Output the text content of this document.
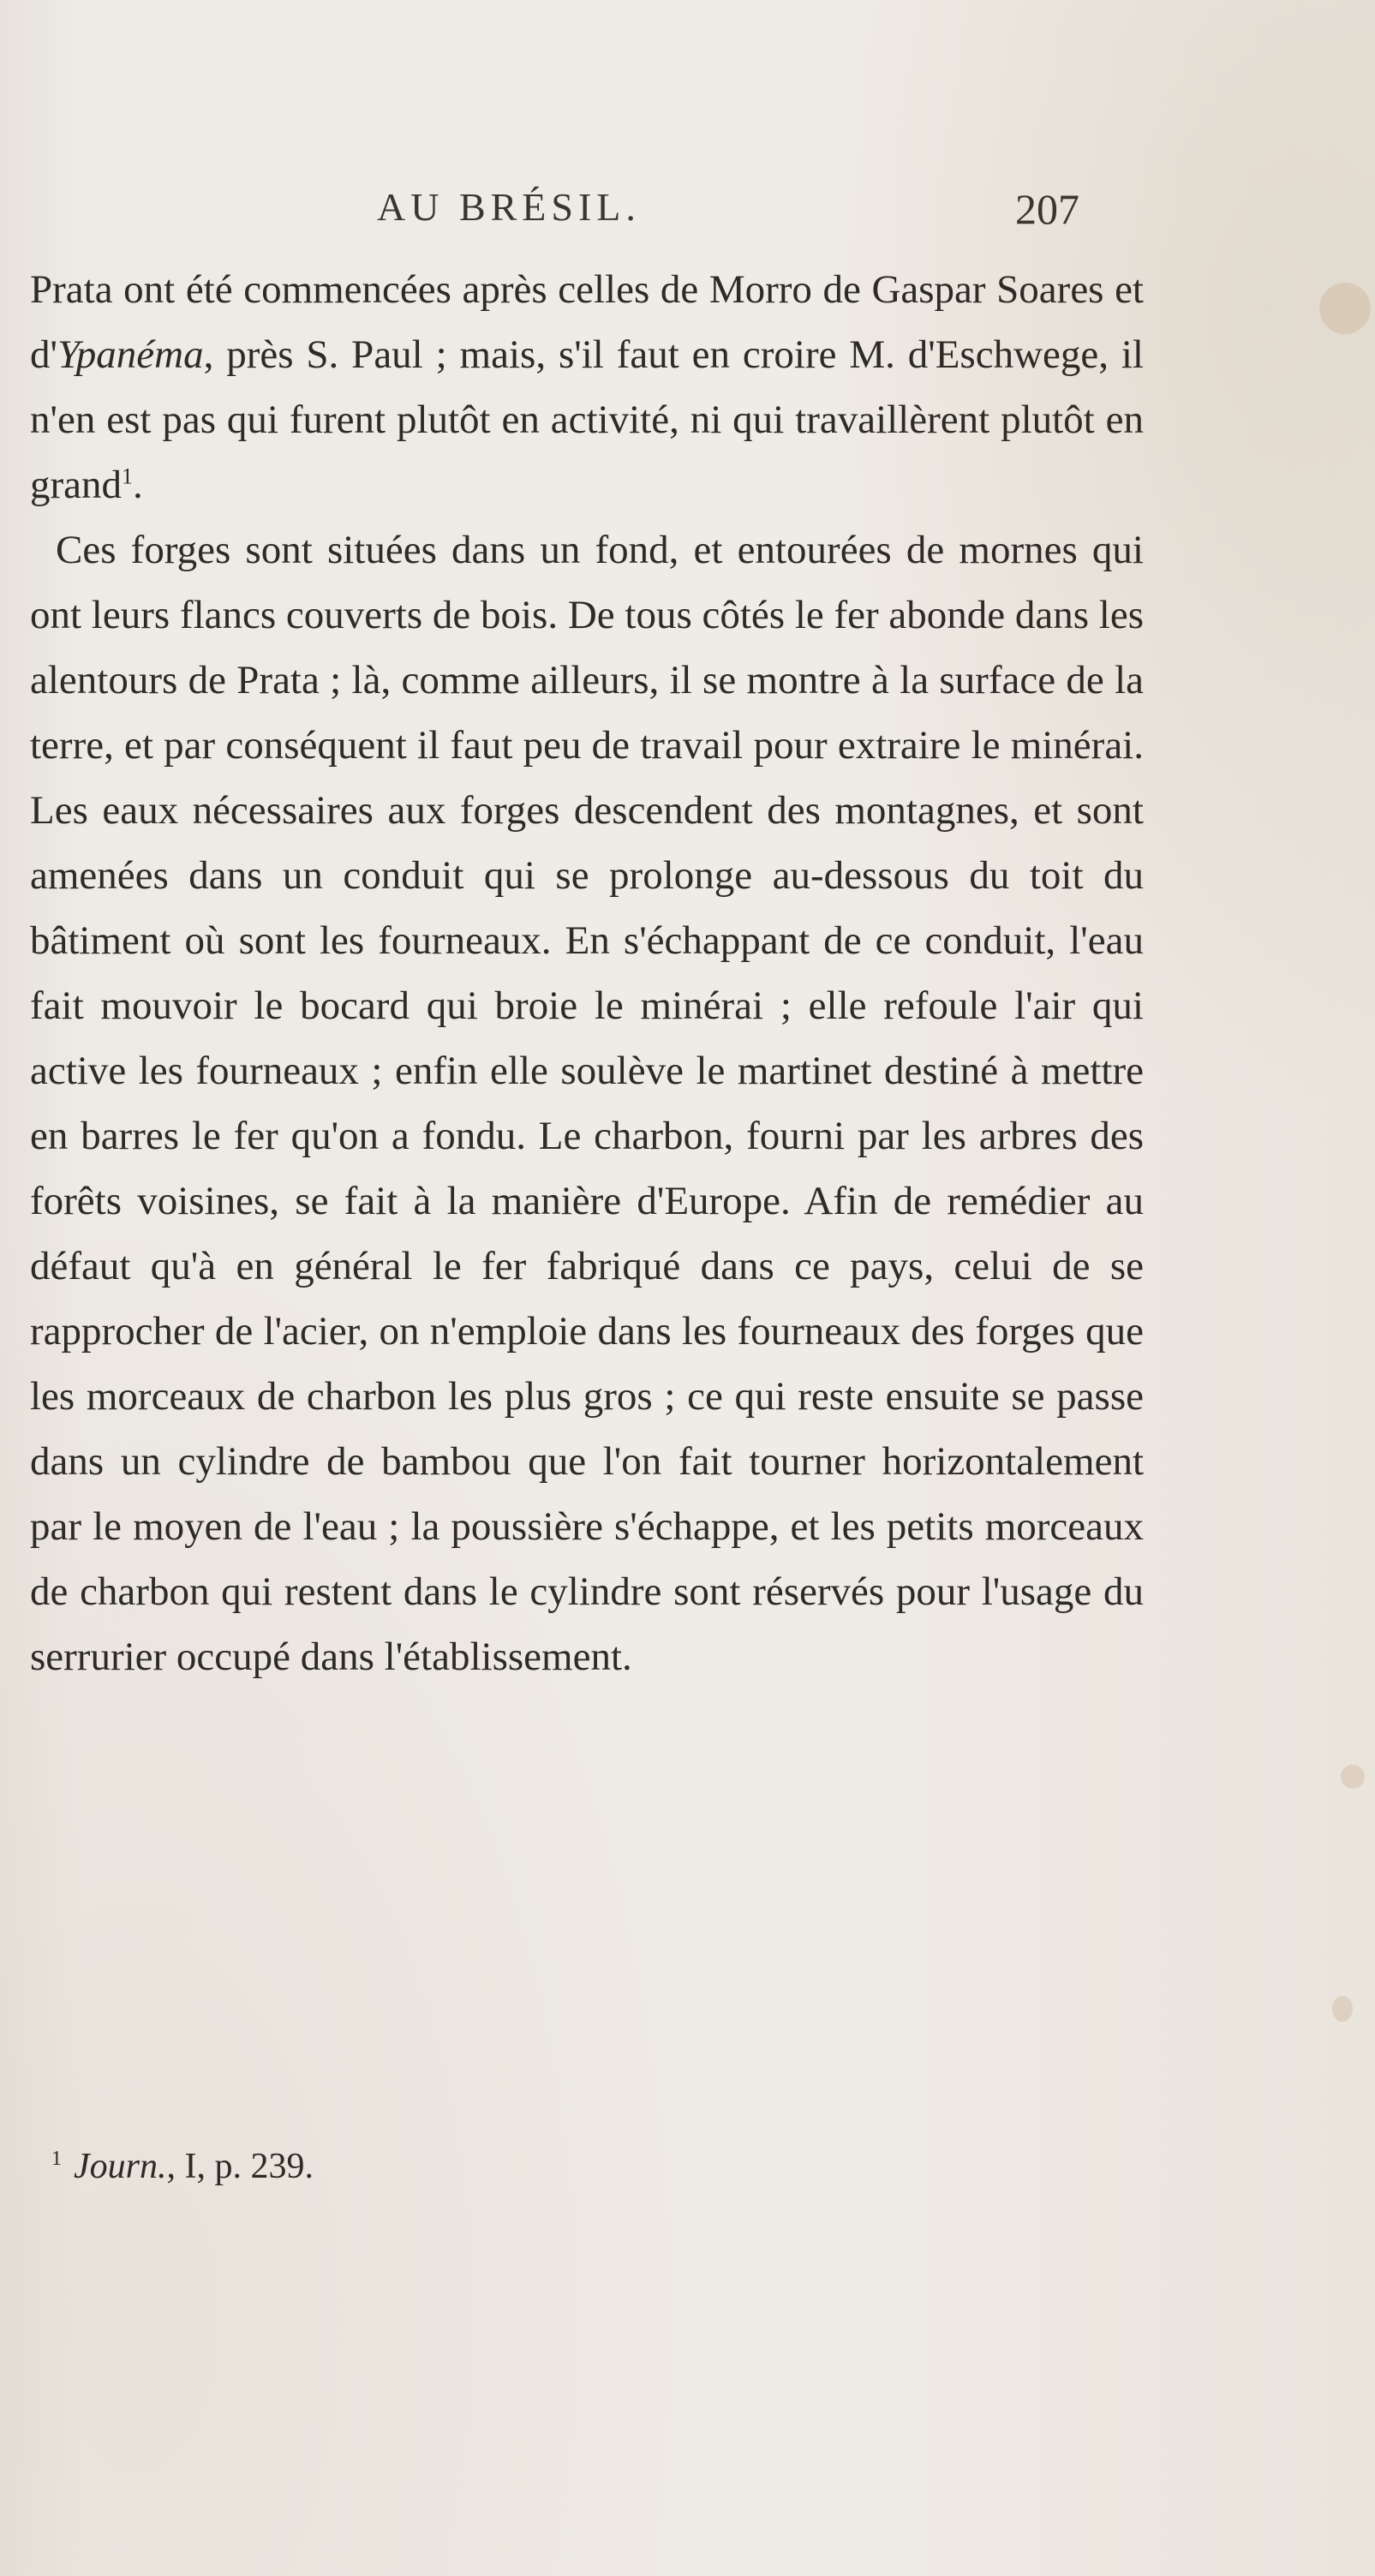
AU BRÉSIL.	207

Prata ont été commencées après celles de Morro de Gaspar Soares et d'Ypanéma, près S. Paul ; mais, s'il faut en croire M. d'Eschwege, il n'en est pas qui furent plutôt en activité, ni qui travaillèrent plutôt en grand$^1$.

Ces forges sont situées dans un fond, et entourées de mornes qui ont leurs flancs couverts de bois. De tous côtés le fer abonde dans les alentours de Prata ; là, comme ailleurs, il se montre à la surface de la terre, et par conséquent il faut peu de travail pour extraire le minérai. Les eaux nécessaires aux forges descendent des montagnes, et sont amenées dans un conduit qui se prolonge au-dessous du toit du bâtiment où sont les fourneaux. En s'échappant de ce conduit, l'eau fait mouvoir le bocard qui broie le minérai ; elle refoule l'air qui active les fourneaux ; enfin elle soulève le martinet destiné à mettre en barres le fer qu'on a fondu. Le charbon, fourni par les arbres des forêts voisines, se fait à la manière d'Europe. Afin de remédier au défaut qu'à en général le fer fabriqué dans ce pays, celui de se rapprocher de l'acier, on n'emploie dans les fourneaux des forges que les morceaux de charbon les plus gros ; ce qui reste ensuite se passe dans un cylindre de bambou que l'on fait tourner horizontalement par le moyen de l'eau ; la poussière s'échappe, et les petits morceaux de charbon qui restent dans le cylindre sont réservés pour l'usage du serrurier occupé dans l'établissement.

$^1$ Journ., I, p. 239.
